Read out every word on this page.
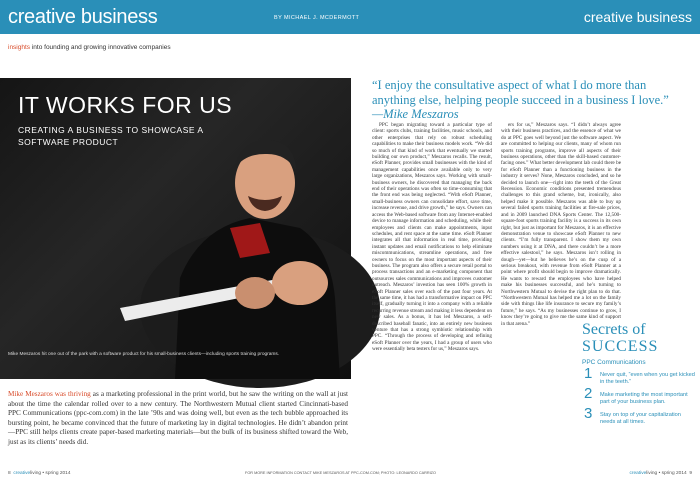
creative business	BY MICHAEL J. MCDERMOTT	creative business
insights into founding and growing innovative companies
IT WORKS FOR US
CREATING A BUSINESS TO SHOWCASE A SOFTWARE PRODUCT
Mike Meszaros hit one out of the park with a software product for his small-business clients—including sports training programs.
Mike Meszaros was thriving as a marketing professional in the print world, but he saw the writing on the wall at just about the time the calendar rolled over to a new century. The Northwestern Mutual client started Cincinnati-based PPC Communications (ppc-com.com) in the late ’90s and was doing well, but even as the tech bubble approached its bursting point, he became convinced that the future of marketing lay in digital technologies. He didn’t abandon print—PPC still helps clients create paper-based marketing materials—but the bulk of its business shifted toward the Web, just as its clients’ needs did.
“I enjoy the consultative aspect of what I do more than anything else, helping people succeed in a business I love.”
—Mike Meszaros

PPC began migrating toward a particular type of client: sports clubs, training facilities, music schools, and other enterprises that rely on robust scheduling capabilities to make their business models work. “We did so much of that kind of work that eventually we started building our own product,” Meszaros recalls. The result, eSoft Planner, provides small businesses with the kind of management capabilities once available only to very large organizations, Meszaros says. Working with small-business owners, he discovered that managing the back end of their operations was often so time-consuming that the front end was being neglected. “With eSoft Planner, small-business owners can consolidate effort, save time, increase revenue, and drive growth,” he says. Owners can access the Web-based software from any Internet-enabled device to manage information and scheduling, while their employees and clients can make appointments, input schedules, and rent space at the same time. eSoft Planner integrates all that information in real time, providing instant updates and email notifications to help eliminate miscommunications, streamline operations, and free owners to focus on the most important aspects of their business. The program also offers a secure retail portal to process transactions and an e-marketing component that outsources sales communications and improves customer outreach. Meszaros’ investion has seen 100% growth in eSoft Planner sales over each of the past four years. At the same time, it has had a transformative impact on PPC itself, gradually turning it into a company with a reliable recurring revenue stream and making it less dependent on new sales. As a bonus, it has led Meszaros, a self-described baseball fanatic, into an entirely new business venture that has a strong symbiotic relationship with PPC. “Through the process of developing and refining eSoft Planner over the years, I had a group of users who were essentially beta testers for us,” Meszaros says.

ers for us,” Meszaros says. “I didn’t always agree with their business practices, and the essence of what we do at PPC goes well beyond just the software aspect. We are committed to helping our clients, many of whom run sports training programs, improve all aspects of their business operations, other than the skill-based customer-facing ones.” What better development lab could there be for eSoft Planner than a functioning business in the industry it serves? None, Meszaros concluded, and so he decided to launch one—right into the teeth of the Great Recession. Economic conditions presented tremendous challenges to this grand scheme, but, ironically, also helped make it possible. Meszaros was able to buy up several failed sports training facilities at fire-sale prices, and in 2009 launched DNA Sports Center. The 12,500-square-foot sports training facility is a success in its own right, but just as important for Meszaros, it is an effective demonstration venue to showcase eSoft Planner to new clients. “I’m fully transparent. I show them my own numbers using it at DNA, and there couldn’t be a more effective salestool,” he says. Meszaros isn’t rolling in dough—yet—but he believes he’s on the cusp of a serious breakout, with revenue from eSoft Planner at a point where profit should begin to improve dramatically. He wants to reward the employees who have helped make his businesses successful, and he’s turning to Northwestern Mutual to devise the right plan to do that. “Northwestern Mutual has helped me a lot on the family side with things like life insurance to secure my family’s future,” he says. “As my businesses continue to grow, I know they’re going to give me the same kind of support in that arena.”	Secrets of
SUCCESS
PPC Communications
1 Never quit, “even when you get kicked in the teeth.”
2 Make marketing the most important part of your business plan.
3 Stay on top of your capitalization needs at all times.
8 creativeliving • spring 2014	FOR MORE INFORMATION CONTACT MIKE MESZAROS AT PPC-COM.COM; PHOTO: LEONARDO CARRIZO	creativeliving • spring 2014 9
